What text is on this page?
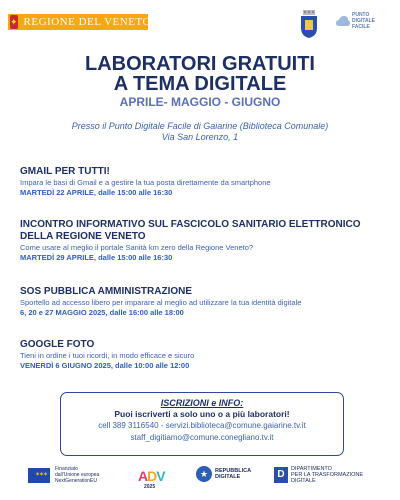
✦ REGIONE DEL VENETO
PUNTO DIGITALE FACILE
LABORATORI GRATUITI
A TEMA DIGITALE
APRILE- MAGGIO - GIUGNO
Presso il Punto Digitale Facile di Gaiarine (Biblioteca Comunale)
Via San Lorenzo, 1
GMAIL PER TUTTI!
Impara le basi di Gmail e a gestire la tua posta direttamente da smartphone
MARTEDÌ 22 APRILE, dalle 15:00 alle 16:30
INCONTRO INFORMATIVO SUL FASCICOLO SANITARIO ELETTRONICO DELLA REGIONE VENETO
Come usare al meglio il portale Sanità km zero della Regione Veneto?
MARTEDÌ 29 APRILE, dalle 15:00 alle 16:30
SOS PUBBLICA AMMINISTRAZIONE
Sportello ad accesso libero per imparare al meglio ad utilizzare la tua identità digitale
6, 20 e 27 MAGGIO 2025, dalle 16:00 alle 18:00
GOOGLE FOTO
Tieni in ordine i tuoi ricordi, in modo efficace e sicuro
VENERDÌ 6 GIUGNO 2025, dalle 10:00 alle 12:00
ISCRIZIONI e INFO:
Puoi iscriverti a solo uno o a più laboratori!
cell 389 3116540 - servizi.biblioteca@comune.gaiarine.tv.it
staff_digitiamo@comune.conegliano.tv.it
✶✶✶
Finanziato
dall'Unione europea
NextGenerationEU	ADV
2025
★	REPUBBLICA
DIGITALE	D	DIPARTIMENTO
PER LA TRASFORMAZIONE
DIGITALE
